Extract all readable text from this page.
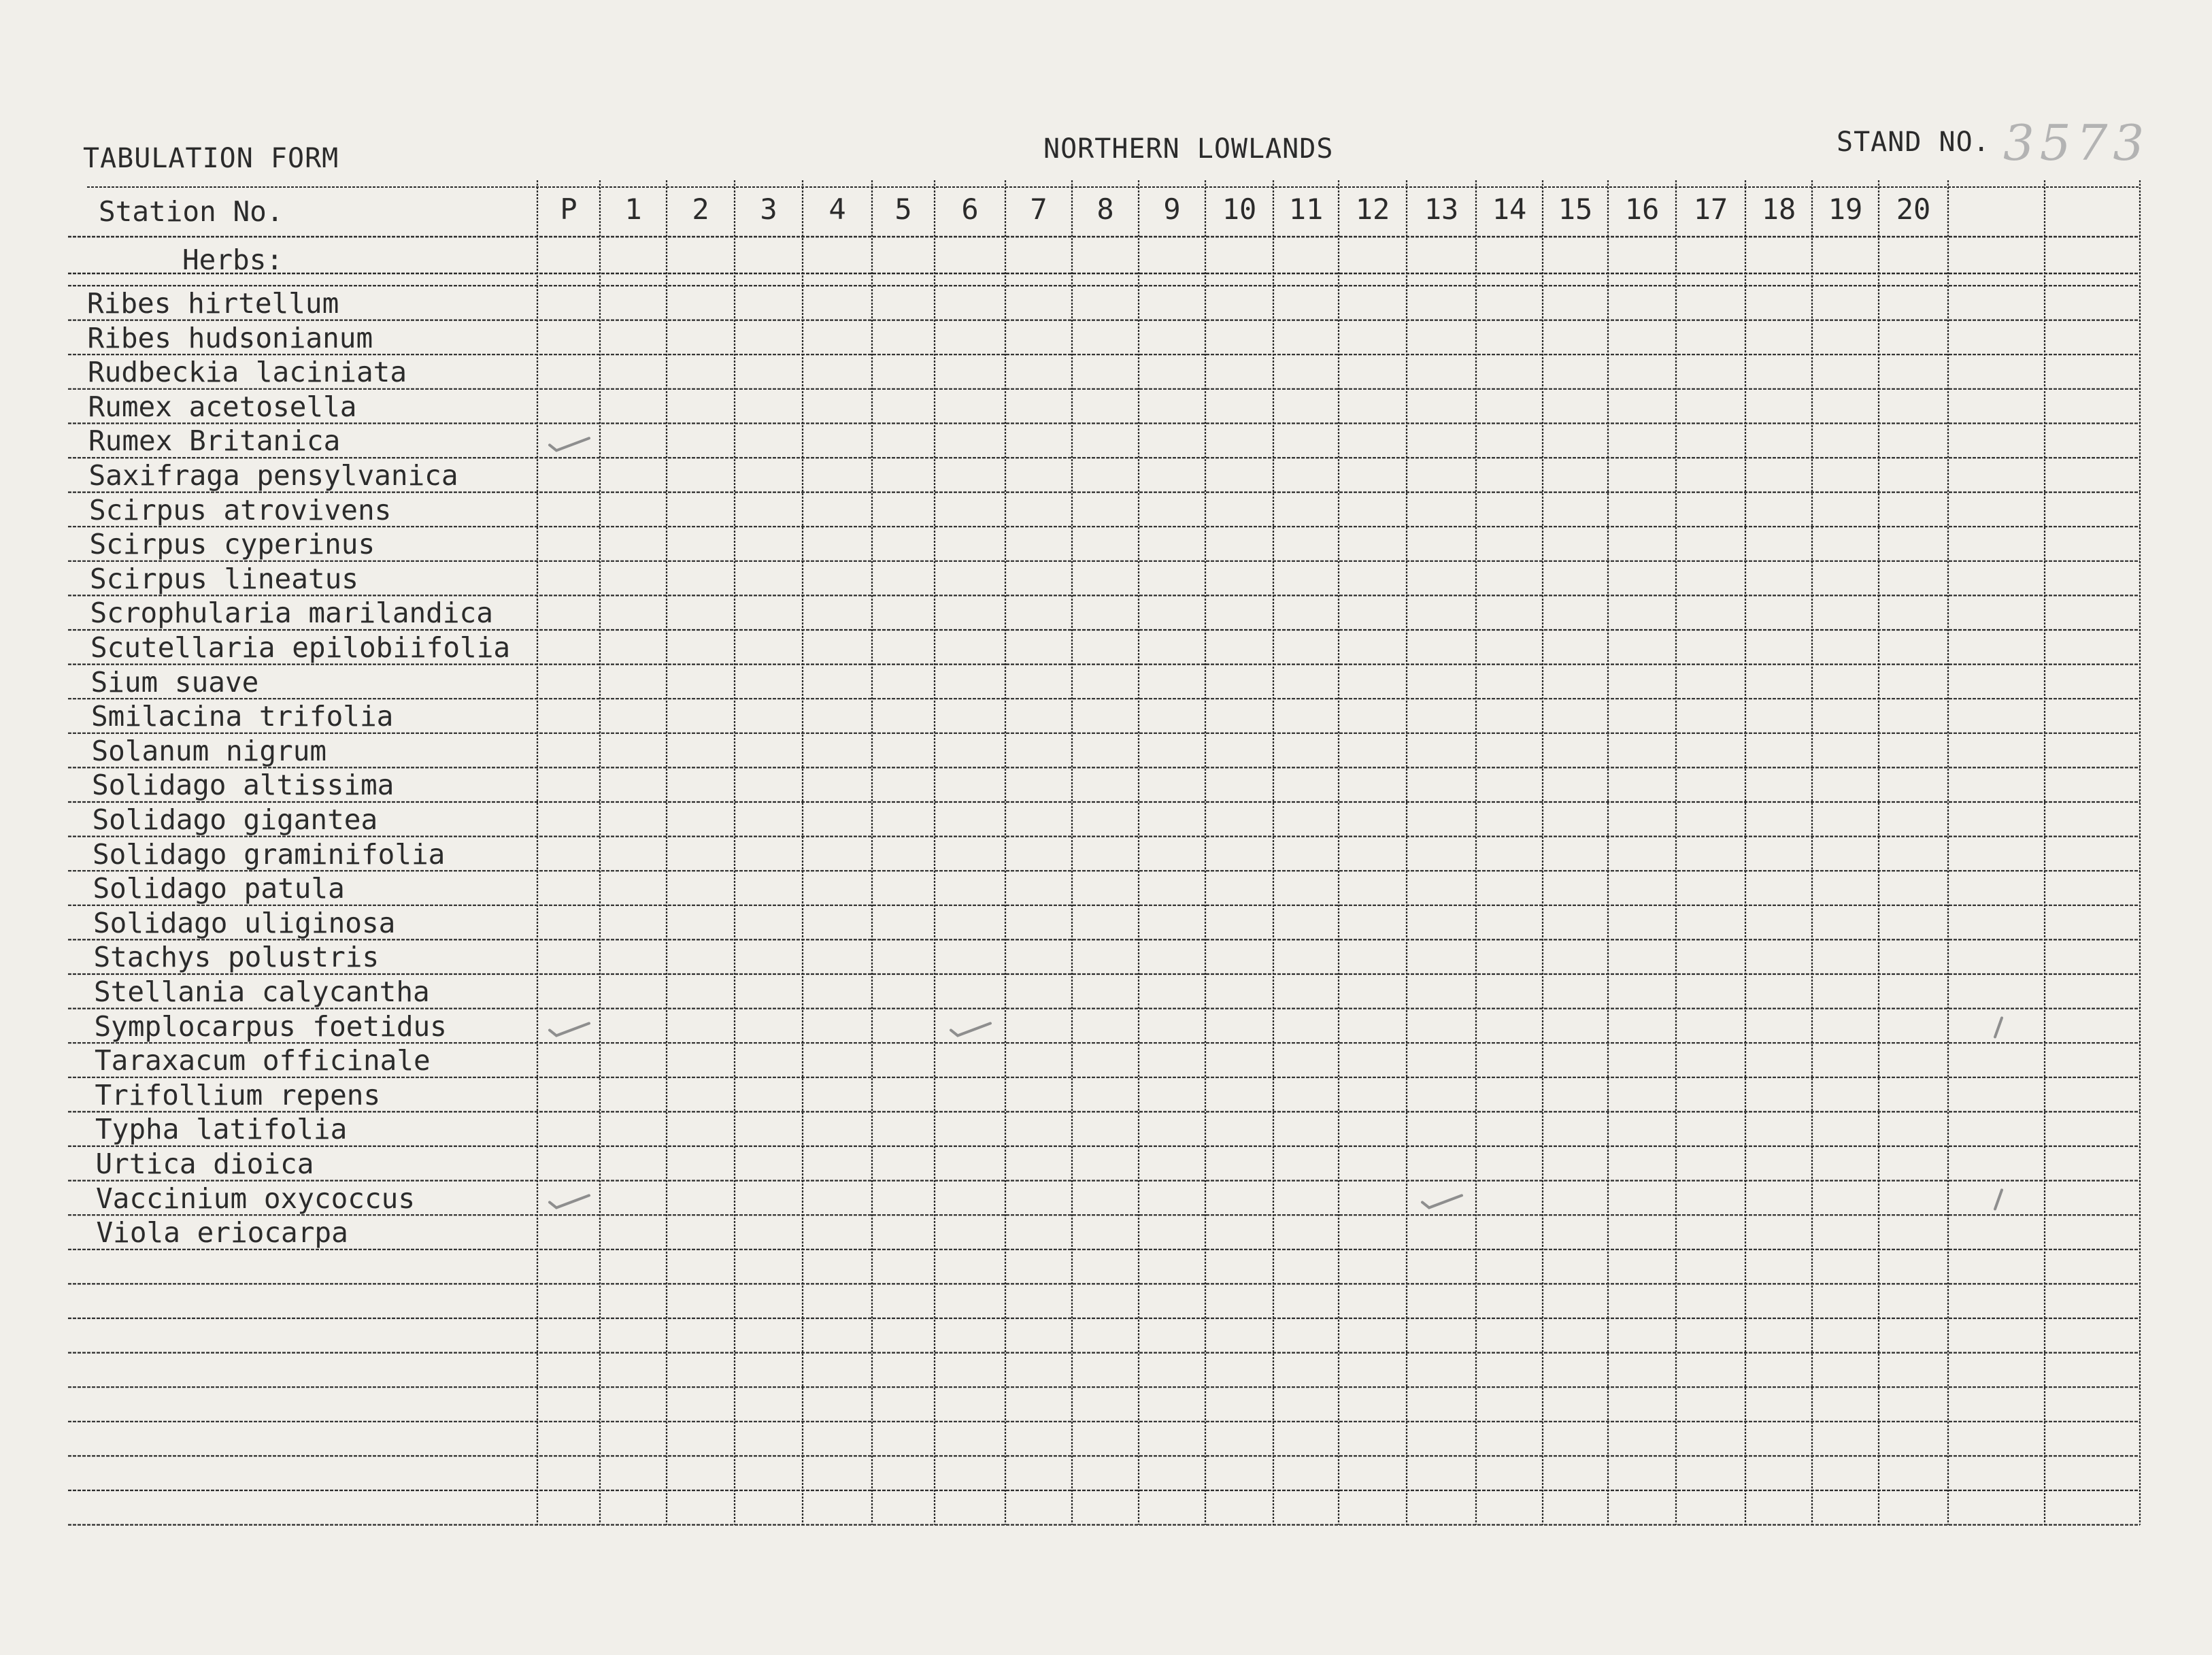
TABULATION FORM	NORTHERN LOWLANDS	STAND NO. 3573
P 1 2 3 4 5 6 7 8 9 10 11 12 13 14 15 16 17 18 19 20
Station No.
Herbs:
Ribes hirtellum
Ribes hudsonianum
Rudbeckia laciniata
Rumex acetosella
Rumex Britanica
Saxifraga pensylvanica
Scirpus atrovivens
Scirpus cyperinus
Scirpus lineatus
Scrophularia marilandica
Scutellaria epilobiifolia
Sium suave
Smilacina trifolia
Solanum nigrum
Solidago altissima
Solidago gigantea
Solidago graminifolia
Solidago patula
Solidago uliginosa
Stachys polustris
Stellania calycantha
Symplocarpus foetidus
Taraxacum officinale
Trifollium repens
Typha latifolia
Urtica dioica
Vaccinium oxycoccus
Viola eriocarpa
